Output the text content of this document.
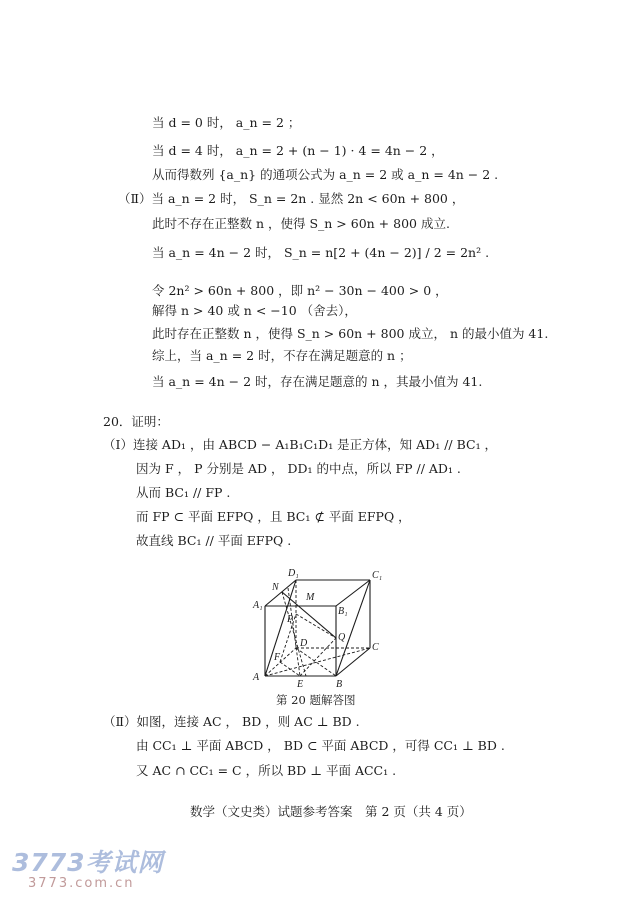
当 d = 0 时， a_n = 2 ；
当 d = 4 时， a_n = 2 + (n − 1) · 4 = 4n − 2 ，
从而得数列 {a_n} 的通项公式为 a_n = 2 或 a_n = 4n − 2 .
（Ⅱ）当 a_n = 2 时， S_n = 2n . 显然 2n < 60n + 800 ，
此时不存在正整数 n ，使得 S_n > 60n + 800 成立.
当 a_n = 4n − 2 时， S_n = n[2 + (4n − 2)] / 2 = 2n² .
令 2n² > 60n + 800 ，即 n² − 30n − 400 > 0 ，
解得 n > 40 或 n < −10 （舍去），
此时存在正整数 n ，使得 S_n > 60n + 800 成立， n 的最小值为 41.
综上，当 a_n = 2 时，不存在满足题意的 n ；
当 a_n = 4n − 2 时，存在满足题意的 n ，其最小值为 41.
20．证明：
（Ⅰ）连接 AD₁ ，由 ABCD − A₁B₁C₁D₁ 是正方体，知 AD₁ // BC₁ ，
因为 F ， P 分别是 AD ， DD₁ 的中点，所以 FP // AD₁ .
从而 BC₁ // FP .
而 FP ⊂ 平面 EFPQ ，且 BC₁ ⊄ 平面 EFPQ ，
故直线 BC₁ // 平面 EFPQ .
D₁	C₁
N
M
A₁
B₁
P
Q
D	C
F
A
E	B
第 20 题解答图
（Ⅱ）如图，连接 AC ， BD ，则 AC ⊥ BD .
由 CC₁ ⊥ 平面 ABCD ， BD ⊂ 平面 ABCD ，可得 CC₁ ⊥ BD .
又 AC ∩ CC₁ = C ，所以 BD ⊥ 平面 ACC₁ .
数学（文史类）试题参考答案　第 2 页（共 4 页）
3773考试网
3773.com.cn
